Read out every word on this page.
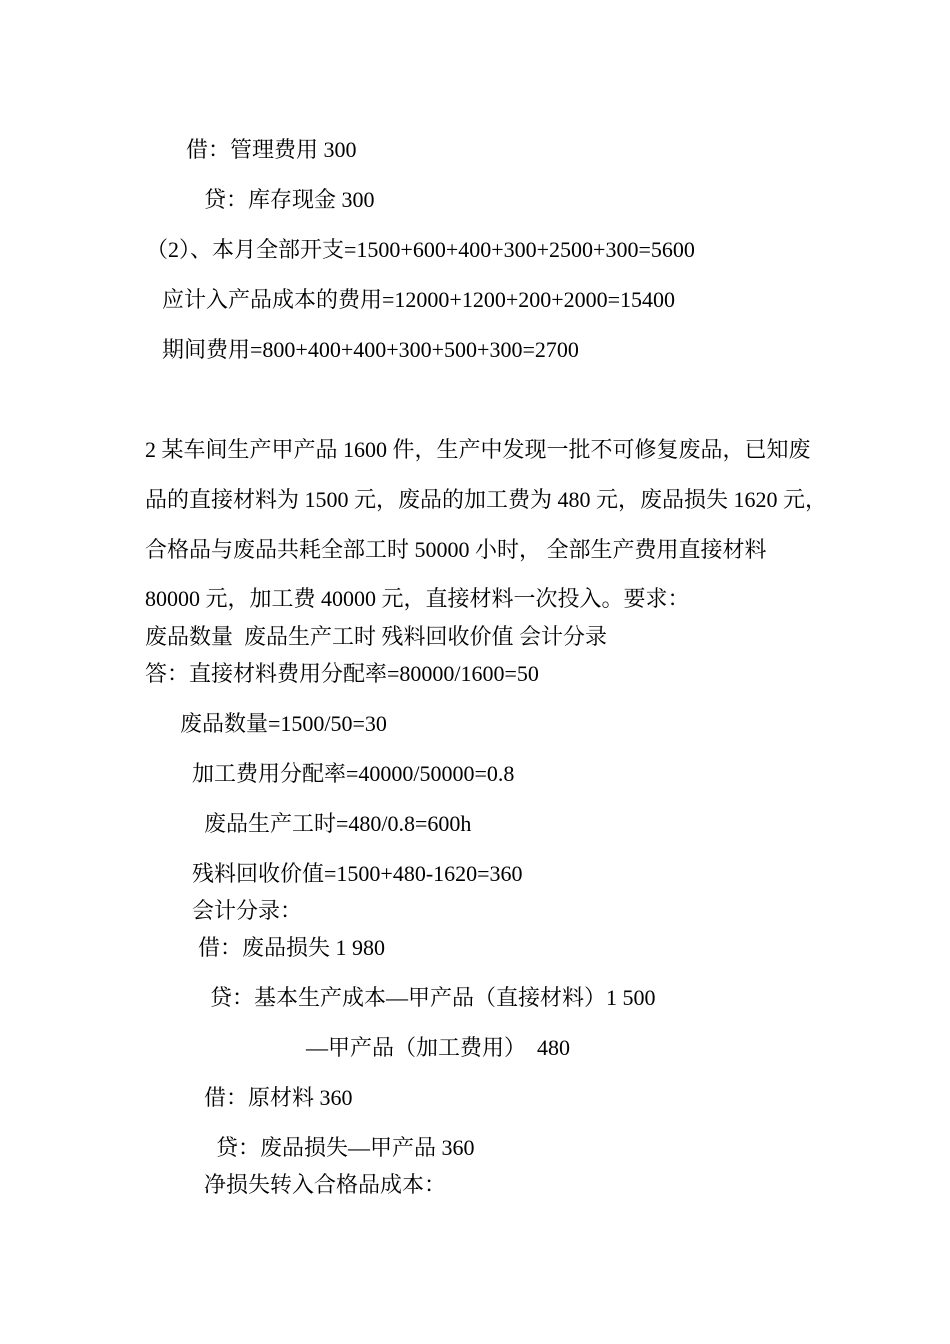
借：管理费用 300
贷：库存现金 300
（2）、本月全部开支=1500+600+400+300+2500+300=5600
应计入产品成本的费用=12000+1200+200+2000=15400
期间费用=800+400+400+300+500+300=2700
2 某车间生产甲产品 1600 件，生产中发现一批不可修复废品，已知废
品的直接材料为 1500 元，废品的加工费为 480 元，废品损失 1620 元，
合格品与废品共耗全部工时 50000 小时， 全部生产费用直接材料
80000 元，加工费 40000 元，直接材料一次投入。要求：
废品数量  废品生产工时 残料回收价值 会计分录
答：直接材料费用分配率=80000/1600=50
废品数量=1500/50=30
加工费用分配率=40000/50000=0.8
废品生产工时=480/0.8=600h
残料回收价值=1500+480-1620=360
会计分录：
借：废品损失 1 980
贷：基本生产成本—甲产品（直接材料）1 500
—甲产品（加工费用）  480
借：原材料 360
贷：废品损失—甲产品 360
净损失转入合格品成本：
